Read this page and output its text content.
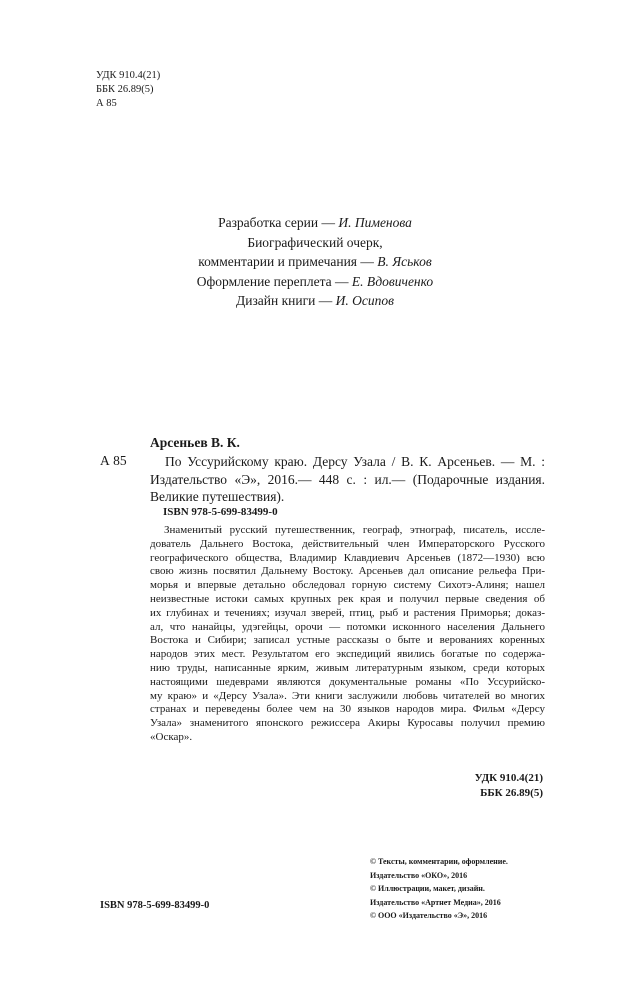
УДК 910.4(21)
ББК 26.89(5)
А 85
Разработка серии — И. Пименова
Биографический очерк,
комментарии и примечания — В. Яськов
Оформление переплета — Е. Вдовиченко
Дизайн книги — И. Осипов
Арсеньев В. К.
А 85	По Уссурийскому краю. Дерсу Узала / В. К. Арсеньев. — М. :
Издательство «Э», 2016.— 448 с. : ил.— (Подарочные издания.
Великие путешествия).
ISBN 978-5-699-83499-0
Знаменитый русский путешественник, географ, этнограф, писатель, иссле-
дователь Дальнего Востока, действительный член Императорского Русского
географического общества, Владимир Клавдиевич Арсеньев (1872—1930) всю
свою жизнь посвятил Дальнему Востоку. Арсеньев дал описание рельефа При-
морья и впервые детально обследовал горную систему Сихотэ-Алиня; нашел
неизвестные истоки самых крупных рек края и получил первые сведения об
их глубинах и течениях; изучал зверей, птиц, рыб и растения Приморья; доказ-
ал, что нанайцы, удэгейцы, орочи — потомки исконного населения Дальнего
Востока и Сибири; записал устные рассказы о быте и верованиях коренных
народов этих мест. Результатом его экспедиций явились богатые по содержа-
нию труды, написанные ярким, живым литературным языком, среди которых
настоящими шедеврами являются документальные романы «По Уссурийско-
му краю» и «Дерсу Узала». Эти книги заслужили любовь читателей во многих
странах и переведены более чем на 30 языков народов мира. Фильм «Дерсу
Узала» знаменитого японского режиссера Акиры Куросавы получил премию
«Оскар».
УДК 910.4(21)
ББК 26.89(5)
© Тексты, комментарии, оформление.
Издательство «ОКО», 2016
© Иллюстрации, макет, дизайн.
Издательство «Артнет Медиа», 2016
© ООО «Издательство «Э», 2016
ISBN 978-5-699-83499-0
